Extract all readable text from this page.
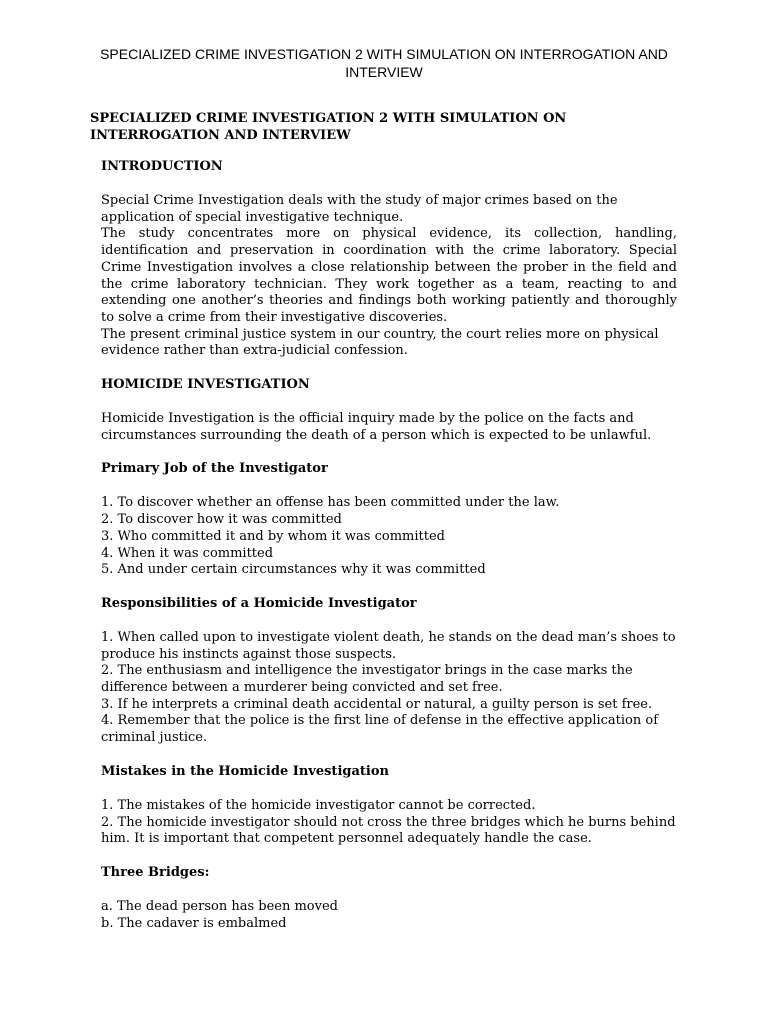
SPECIALIZED CRIME INVESTIGATION 2 WITH SIMULATION ON INTERROGATION AND INTERVIEW
SPECIALIZED CRIME INVESTIGATION 2 WITH SIMULATION ON
INTERROGATION AND INTERVIEW
INTRODUCTION

Special Crime Investigation deals with the study of major crimes based on the application of special investigative technique.

The study concentrates more on physical evidence, its collection, handling, identification and preservation in coordination with the crime laboratory. Special Crime Investigation involves a close relationship between the prober in the field and the crime laboratory technician. They work together as a team, reacting to and extending one another’s theories and findings both working patiently and thoroughly to solve a crime from their investigative discoveries.

The present criminal justice system in our country, the court relies more on physical evidence rather than extra-judicial confession.

HOMICIDE INVESTIGATION

Homicide Investigation is the official inquiry made by the police on the facts and circumstances surrounding the death of a person which is expected to be unlawful.

Primary Job of the Investigator

1. To discover whether an offense has been committed under the law.

2. To discover how it was committed

3. Who committed it and by whom it was committed

4. When it was committed

5. And under certain circumstances why it was committed

Responsibilities of a Homicide Investigator

1. When called upon to investigate violent death, he stands on the dead man’s shoes to produce his instincts against those suspects.

2. The enthusiasm and intelligence the investigator brings in the case marks the difference between a murderer being convicted and set free.

3. If he interprets a criminal death accidental or natural, a guilty person is set free.

4. Remember that the police is the first line of defense in the effective application of criminal justice.

Mistakes in the Homicide Investigation

1. The mistakes of the homicide investigator cannot be corrected.

2. The homicide investigator should not cross the three bridges which he burns behind him. It is important that competent personnel adequately handle the case.

Three Bridges:

a. The dead person has been moved

b. The cadaver is embalmed
